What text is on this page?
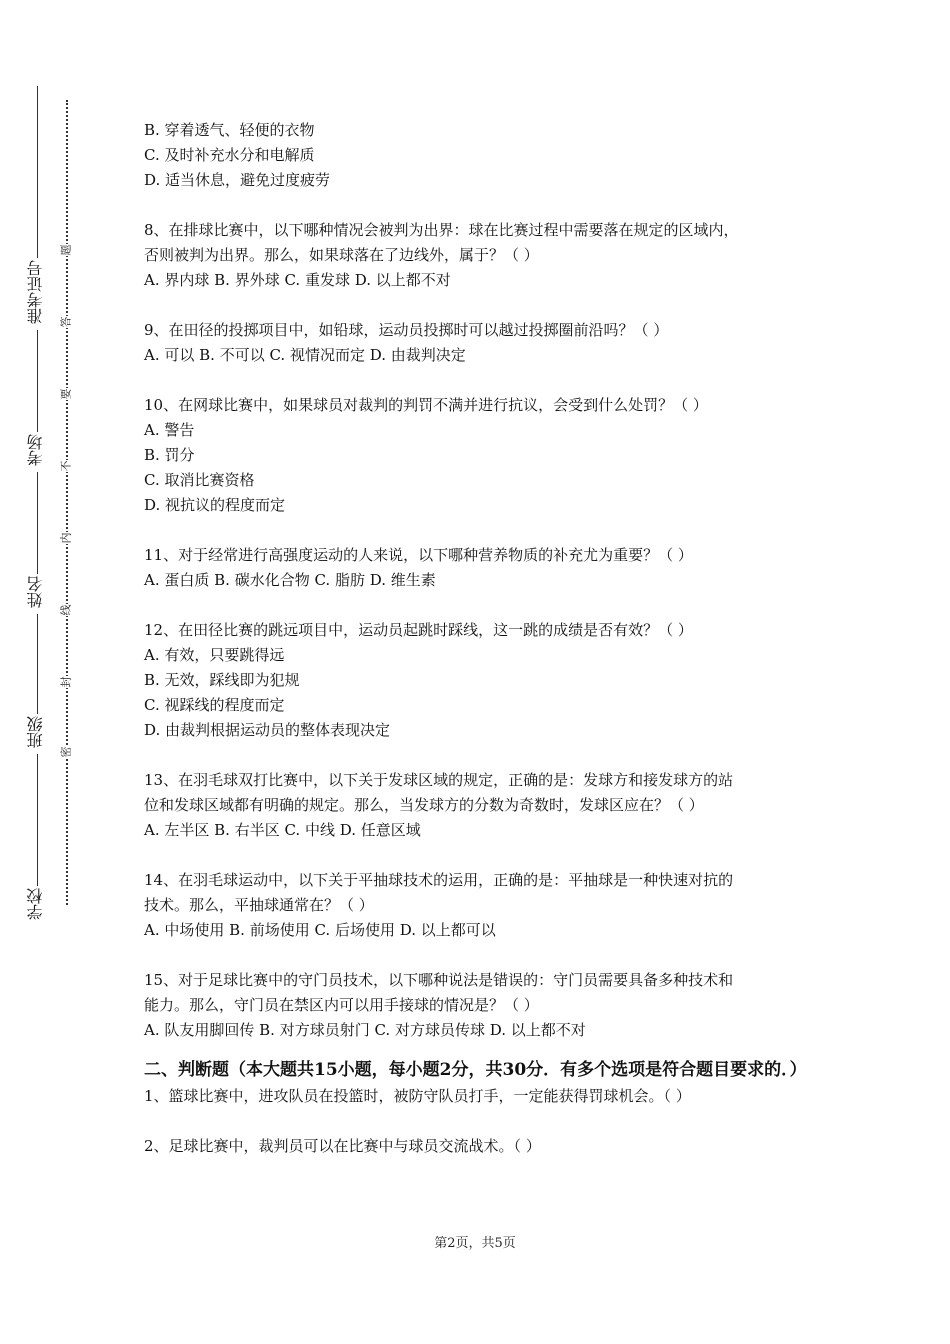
准考证号
考场
姓名
班级
学校
题
答
要
不
内
线
封
密

B. 穿着透气、轻便的衣物

C. 及时补充水分和电解质

D. 适当休息，避免过度疲劳

8、在排球比赛中，以下哪种情况会被判为出界：球在比赛过程中需要落在规定的区域内，

否则被判为出界。那么，如果球落在了边线外，属于？（ ）

A. 界内球 B. 界外球 C. 重发球 D. 以上都不对

9、在田径的投掷项目中，如铅球，运动员投掷时可以越过投掷圈前沿吗？（ ）

A. 可以 B. 不可以 C. 视情况而定 D. 由裁判决定

10、在网球比赛中，如果球员对裁判的判罚不满并进行抗议，会受到什么处罚？（ ）

A. 警告

B. 罚分

C. 取消比赛资格

D. 视抗议的程度而定

11、对于经常进行高强度运动的人来说，以下哪种营养物质的补充尤为重要？（ ）

A. 蛋白质 B. 碳水化合物 C. 脂肪 D. 维生素

12、在田径比赛的跳远项目中，运动员起跳时踩线，这一跳的成绩是否有效？（ ）

A. 有效，只要跳得远

B. 无效，踩线即为犯规

C. 视踩线的程度而定

D. 由裁判根据运动员的整体表现决定

13、在羽毛球双打比赛中，以下关于发球区域的规定，正确的是：发球方和接发球方的站

位和发球区域都有明确的规定。那么，当发球方的分数为奇数时，发球区应在？（ ）

A. 左半区 B. 右半区 C. 中线 D. 任意区域

14、在羽毛球运动中，以下关于平抽球技术的运用，正确的是：平抽球是一种快速对抗的

技术。那么，平抽球通常在？（ ）

A. 中场使用 B. 前场使用 C. 后场使用 D. 以上都可以

15、对于足球比赛中的守门员技术，以下哪种说法是错误的：守门员需要具备多种技术和

能力。那么，守门员在禁区内可以用手接球的情况是？（ ）

A. 队友用脚回传 B. 对方球员射门 C. 对方球员传球 D. 以上都不对

二、判断题（本大题共15小题，每小题2分，共30分．有多个选项是符合题目要求的．）

1、篮球比赛中，进攻队员在投篮时，被防守队员打手，一定能获得罚球机会。（ ）

2、足球比赛中，裁判员可以在比赛中与球员交流战术。（ ）

第2页，共5页
